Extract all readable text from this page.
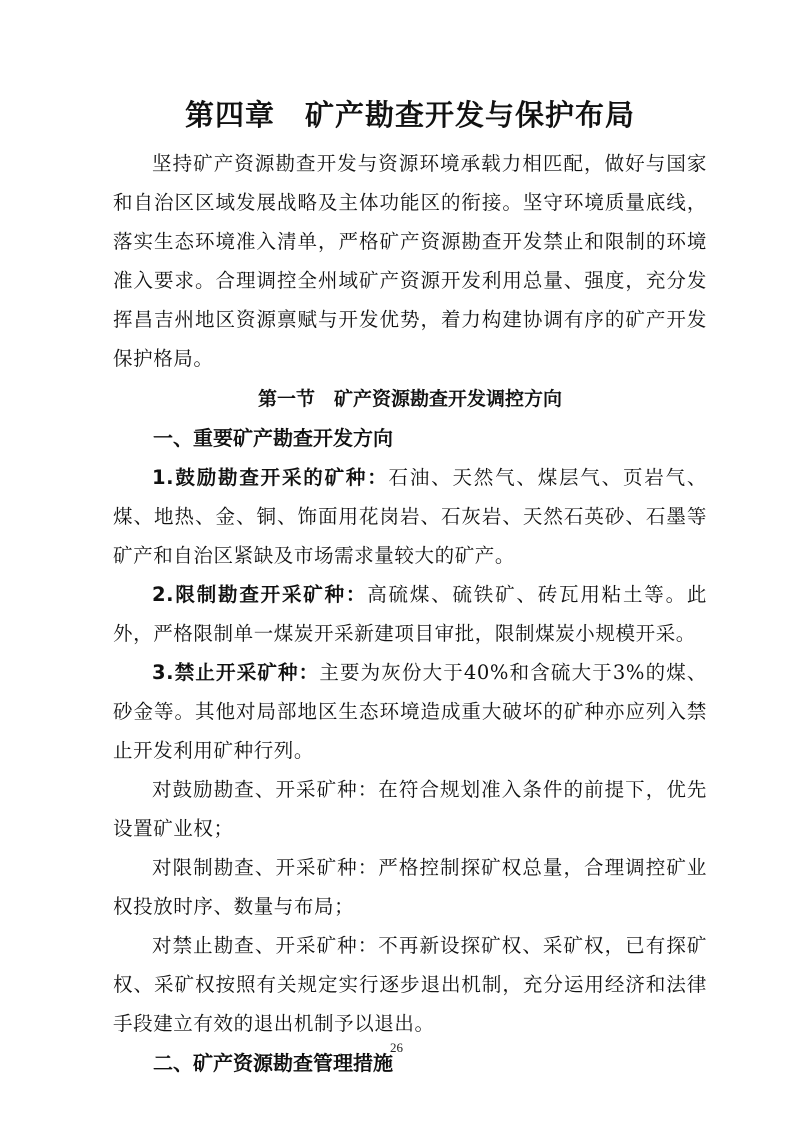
第四章　矿产勘查开发与保护布局

坚持矿产资源勘查开发与资源环境承载力相匹配，做好与国家和自治区区域发展战略及主体功能区的衔接。坚守环境质量底线，落实生态环境准入清单，严格矿产资源勘查开发禁止和限制的环境准入要求。合理调控全州域矿产资源开发利用总量、强度，充分发挥昌吉州地区资源禀赋与开发优势，着力构建协调有序的矿产开发保护格局。

第一节　矿产资源勘查开发调控方向
一、重要矿产勘查开发方向

1.鼓励勘查开采的矿种：石油、天然气、煤层气、页岩气、煤、地热、金、铜、饰面用花岗岩、石灰岩、天然石英砂、石墨等矿产和自治区紧缺及市场需求量较大的矿产。

2.限制勘查开采矿种：高硫煤、硫铁矿、砖瓦用粘土等。此外，严格限制单一煤炭开采新建项目审批，限制煤炭小规模开采。

3.禁止开采矿种：主要为灰份大于40%和含硫大于3%的煤、砂金等。其他对局部地区生态环境造成重大破坏的矿种亦应列入禁止开发利用矿种行列。

对鼓励勘查、开采矿种：在符合规划准入条件的前提下，优先设置矿业权；

对限制勘查、开采矿种：严格控制探矿权总量，合理调控矿业权投放时序、数量与布局；

对禁止勘查、开采矿种：不再新设探矿权、采矿权，已有探矿权、采矿权按照有关规定实行逐步退出机制，充分运用经济和法律手段建立有效的退出机制予以退出。

二、矿产资源勘查管理措施
26
